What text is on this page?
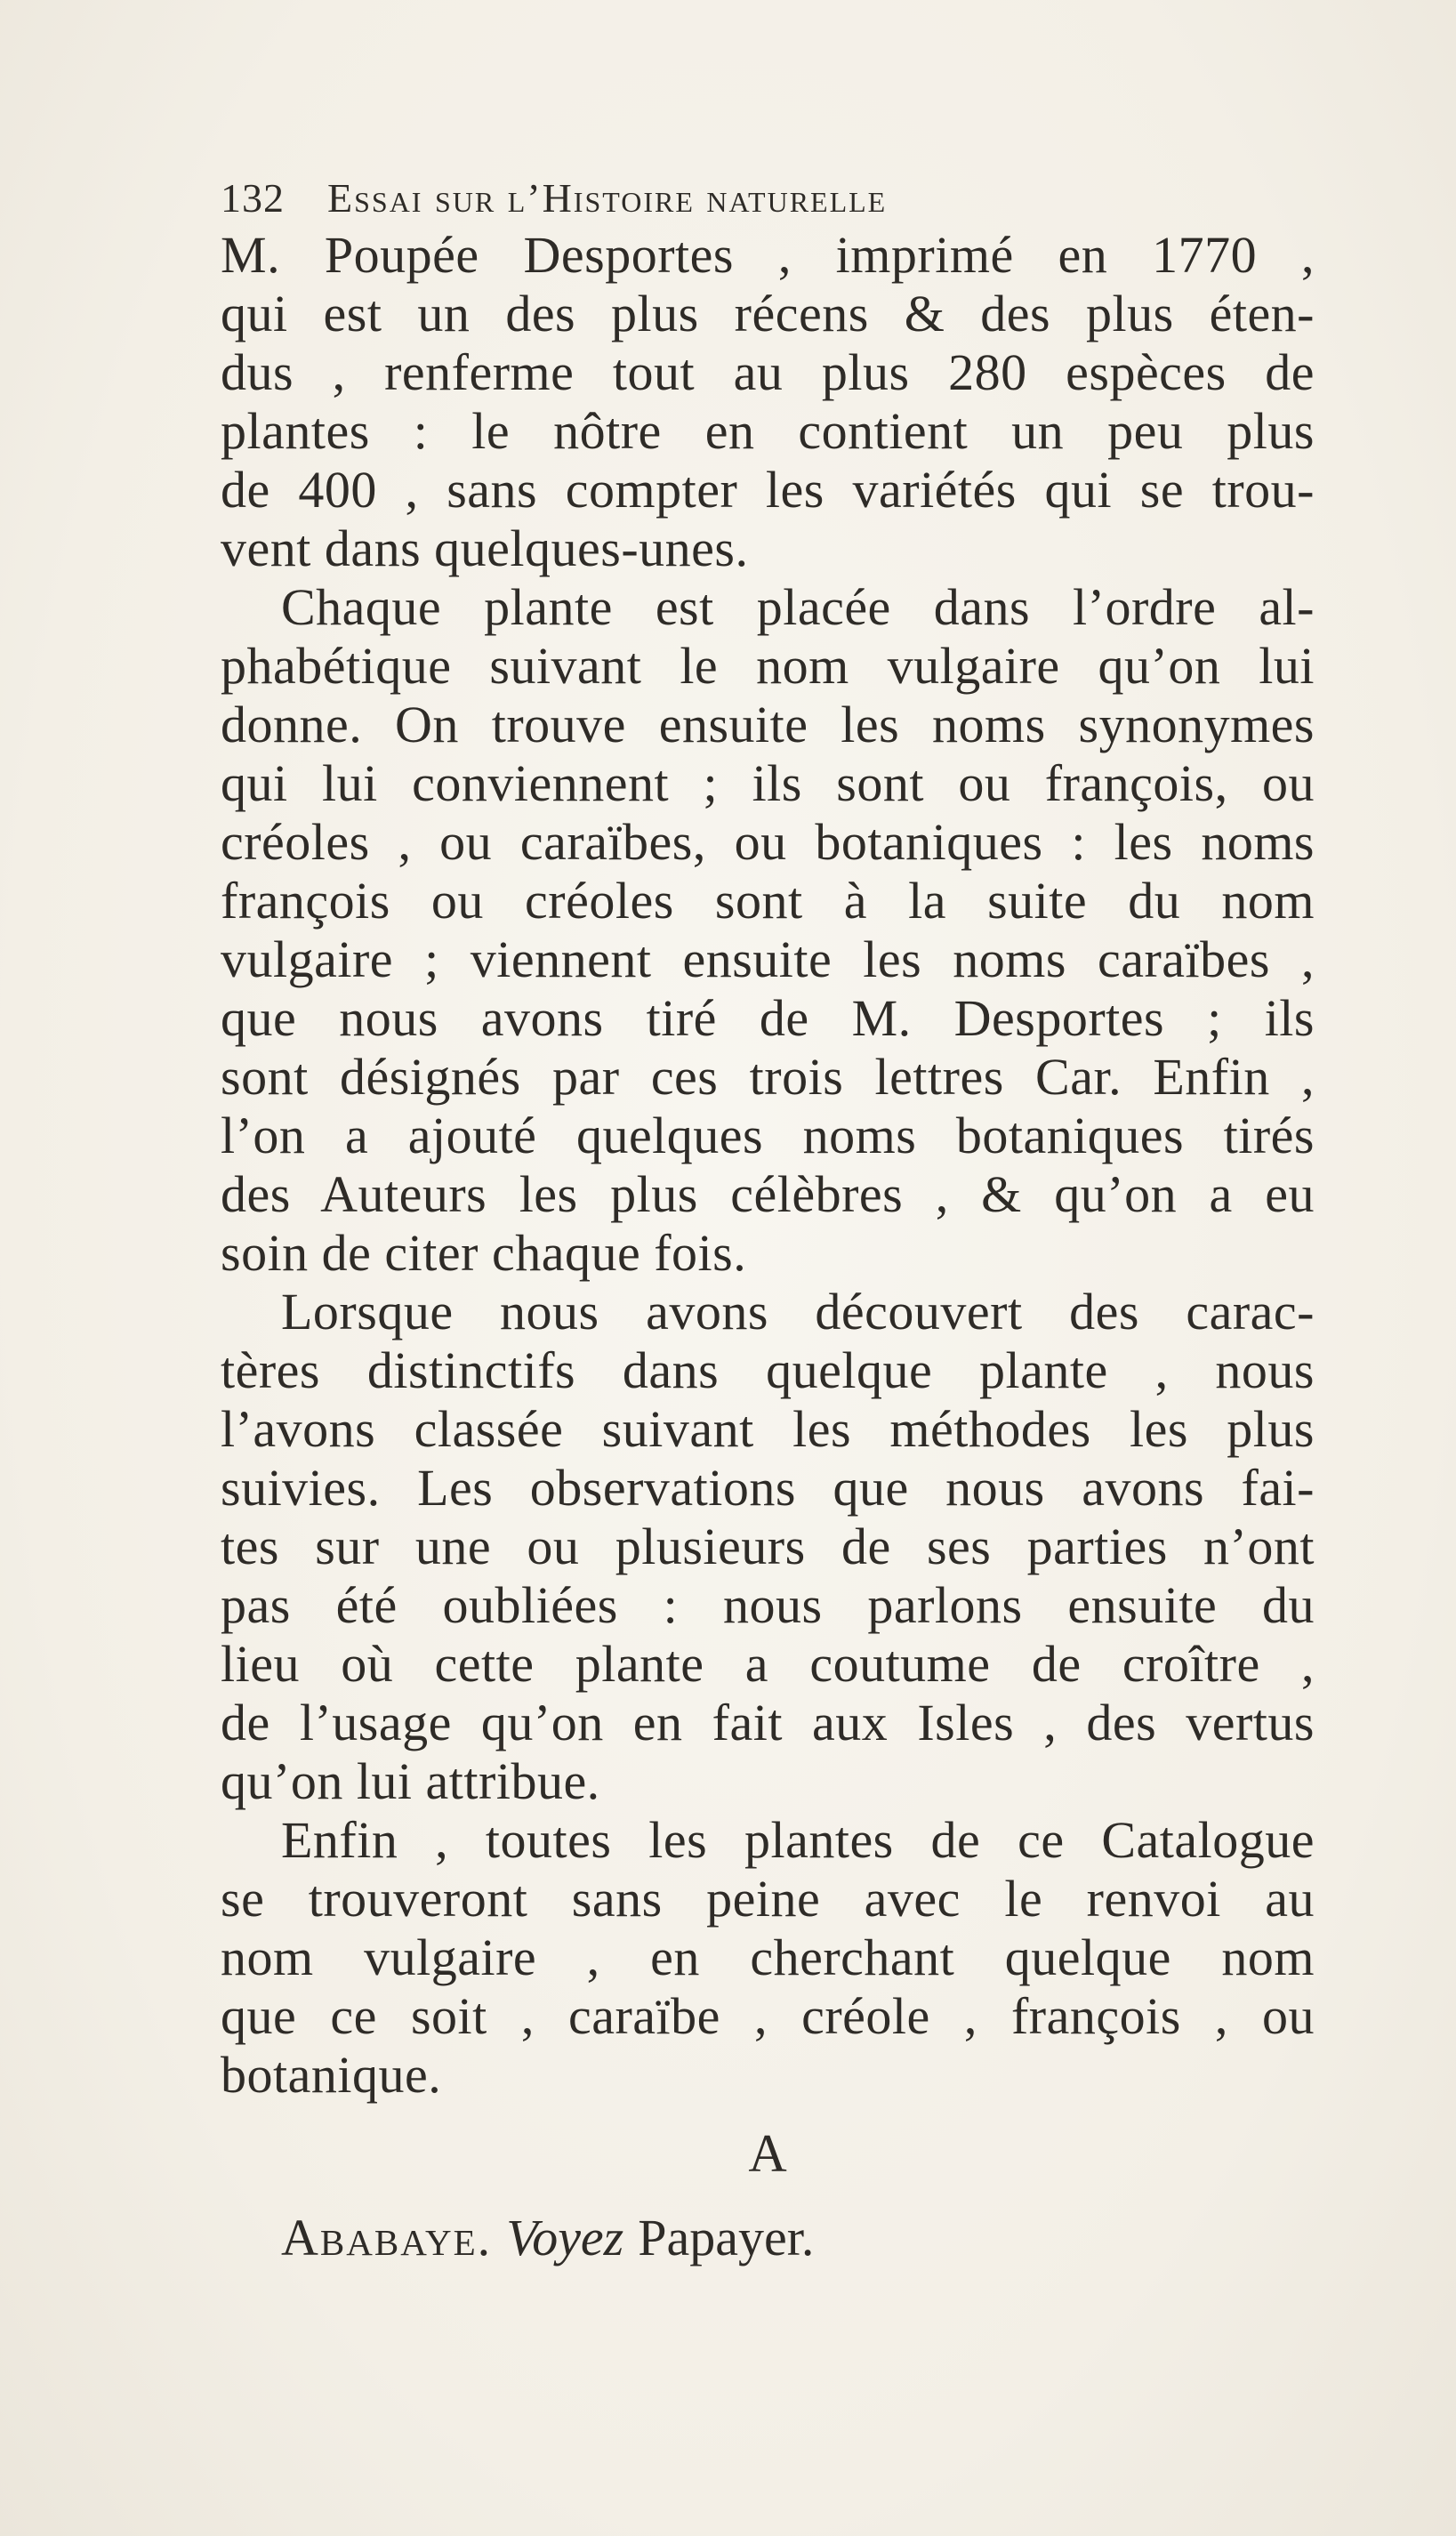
132 Essai sur l’Histoire naturelle
M. Poupée Desportes , imprimé en 1770 ,
qui est un des plus récens & des plus éten-
dus , renferme tout au plus 280 espèces de
plantes : le nôtre en contient un peu plus
de 400 , sans compter les variétés qui se trou-
vent dans quelques-unes.
Chaque plante est placée dans l’ordre al-
phabétique suivant le nom vulgaire qu’on lui
donne. On trouve ensuite les noms synonymes
qui lui conviennent ; ils sont ou françois, ou
créoles , ou caraïbes, ou botaniques : les noms
françois ou créoles sont à la suite du nom
vulgaire ; viennent ensuite les noms caraïbes ,
que nous avons tiré de M. Desportes ; ils
sont désignés par ces trois lettres Car. Enfin ,
l’on a ajouté quelques noms botaniques tirés
des Auteurs les plus célèbres , & qu’on a eu
soin de citer chaque fois.
Lorsque nous avons découvert des carac-
tères distinctifs dans quelque plante , nous
l’avons classée suivant les méthodes les plus
suivies. Les observations que nous avons fai-
tes sur une ou plusieurs de ses parties n’ont
pas été oubliées : nous parlons ensuite du
lieu où cette plante a coutume de croître ,
de l’usage qu’on en fait aux Isles , des vertus
qu’on lui attribue.
Enfin , toutes les plantes de ce Catalogue
se trouveront sans peine avec le renvoi au
nom vulgaire , en cherchant quelque nom
que ce soit , caraïbe , créole , françois , ou
botanique.
A
Ababaye. Voyez Papayer.
